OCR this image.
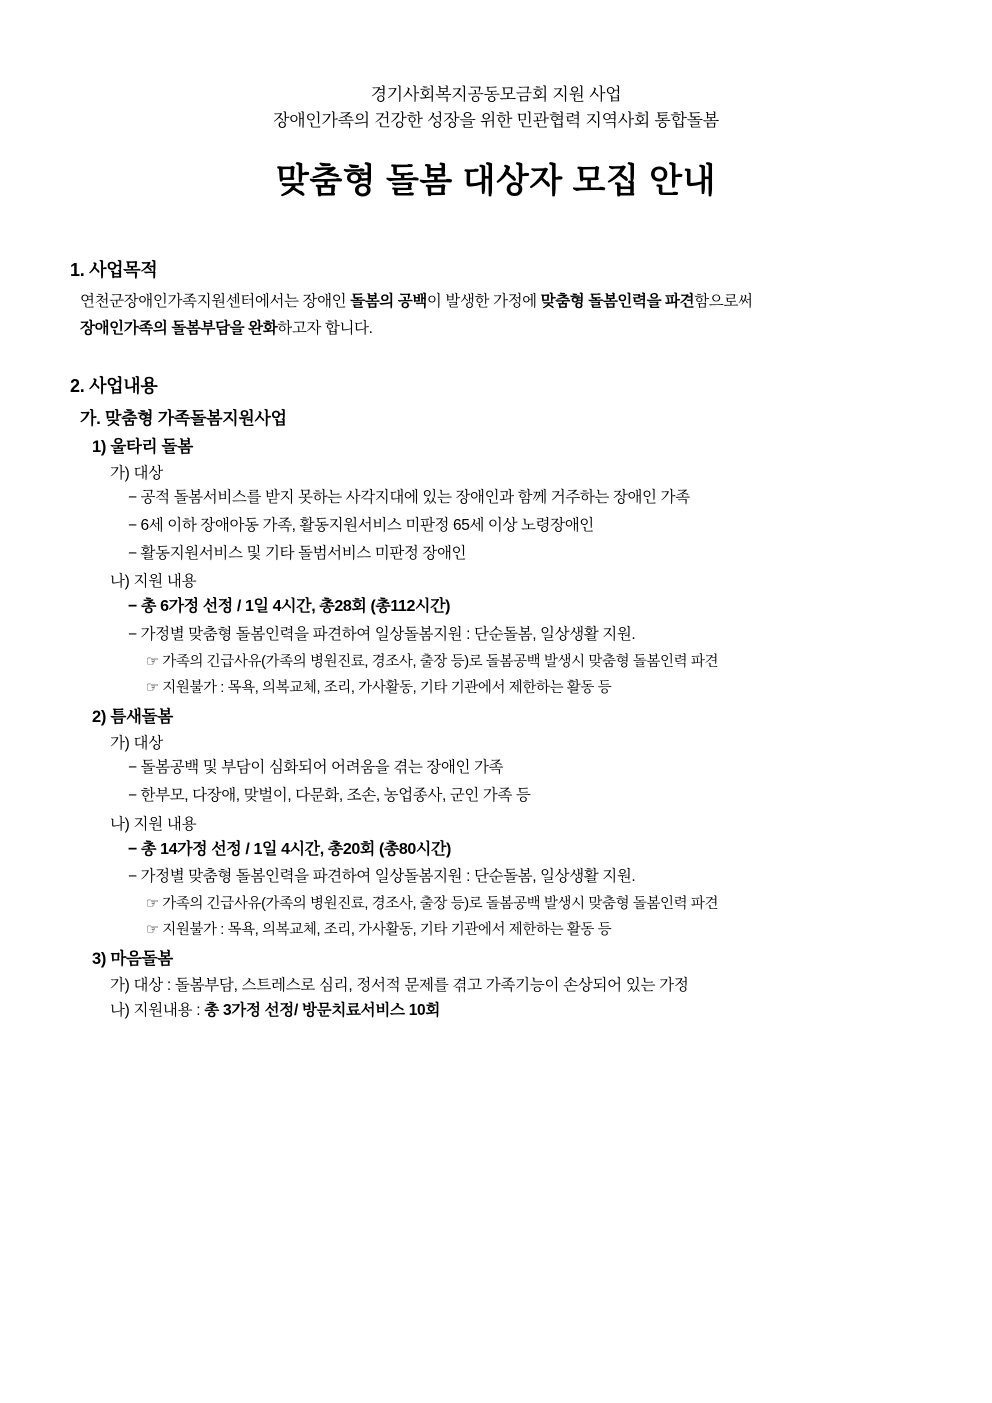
경기사회복지공동모금회 지원 사업
장애인가족의 건강한 성장을 위한 민관협력 지역사회 통합돌봄
맞춤형 돌봄 대상자 모집 안내
1. 사업목적
연천군장애인가족지원센터에서는 장애인 돌봄의 공백이 발생한 가정에 맞춤형 돌봄인력을 파견함으로써
장애인가족의 돌봄부담을 완화하고자 합니다.
2. 사업내용
가. 맞춤형 가족돌봄지원사업
1) 울타리 돌봄
가) 대상
− 공적 돌봄서비스를 받지 못하는 사각지대에 있는 장애인과 함께 거주하는 장애인 가족
− 6세 이하 장애아동 가족, 활동지원서비스 미판정 65세 이상 노령장애인
− 활동지원서비스 및 기타 돌범서비스 미판정 장애인
나) 지원 내용
− 총 6가정 선정 / 1일 4시간, 총28회 (총112시간)
− 가정별 맞춤형 돌봄인력을 파견하여 일상돌봄지원 : 단순돌봄, 일상생활 지원.
☞ 가족의 긴급사유(가족의 병원진료, 경조사, 출장 등)로 돌봄공백 발생시 맞춤형 돌봄인력 파견
☞ 지원불가 : 목욕, 의복교체, 조리, 가사활동, 기타 기관에서 제한하는 활동 등
2) 틈새돌봄
가) 대상
− 돌봄공백 및 부담이 심화되어 어려움을 겪는 장애인 가족
− 한부모, 다장애, 맞벌이, 다문화, 조손, 농업종사, 군인 가족 등
나) 지원 내용
− 총 14가정 선정 / 1일 4시간, 총20회 (총80시간)
− 가정별 맞춤형 돌봄인력을 파견하여 일상돌봄지원 : 단순돌봄, 일상생활 지원.
☞ 가족의 긴급사유(가족의 병원진료, 경조사, 출장 등)로 돌봄공백 발생시 맞춤형 돌봄인력 파견
☞ 지원불가 : 목욕, 의복교체, 조리, 가사활동, 기타 기관에서 제한하는 활동 등
3) 마음돌봄
가) 대상 : 돌봄부담, 스트레스로 심리, 정서적 문제를 겪고 가족기능이 손상되어 있는 가정
나) 지원내용 : 총 3가정 선정/ 방문치료서비스 10회
